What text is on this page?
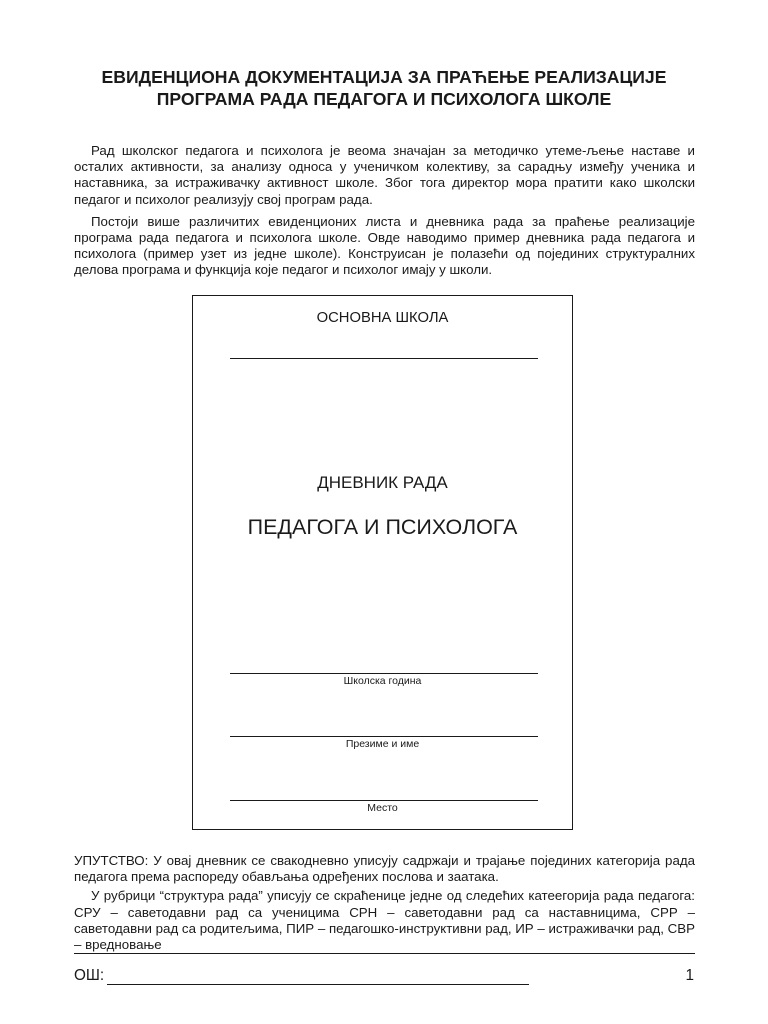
ЕВИДЕНЦИОНА ДОКУМЕНТАЦИЈА ЗА ПРАЋЕЊЕ РЕАЛИЗАЦИЈЕ
ПРОГРАМА РАДА ПЕДАГОГА И ПСИХОЛОГА ШКОЛЕ

Рад школског педагога и психолога је веома значајан за методичко утеме-љење наставе и осталих активности, за анализу односа у ученичком колективу, за сарадњу између ученика и наставника, за истраживачку активност школе. Због тога директор мора пратити како школски педагог и психолог реализују свој програм рада.

Постоји више различитих евиденционих листа и дневника рада за праћење реализације програма рада педагога и психолога школе. Овде наводимо пример дневника рада педагога и психолога (пример узет из једне школе). Конструисан је полазећи од појединих структуралних делова програма и функција које педагог и психолог имају у школи.

ОСНОВНА ШКОЛА
ДНЕВНИК РАДА
ПЕДАГОГА И ПСИХОЛОГА
Школска година
Презиме и име
Место

УПУТСТВО: У овај дневник се свакодневно уписују садржаји и трајање појединих категорија рада педагога према распореду обављања одређених послова и заатака.

У рубрици “структура рада” уписују се скраћенице једне од следећих катеегорија рада педагога: СРУ – саветодавни рад са ученицима СРН – саветодавни рад са наставницима, СРР – саветодавни рад са родитељима, ПИР – педагошко-инструктивни рад, ИР – истраживачки рад, СВР – вредновање

ОШ:	1
